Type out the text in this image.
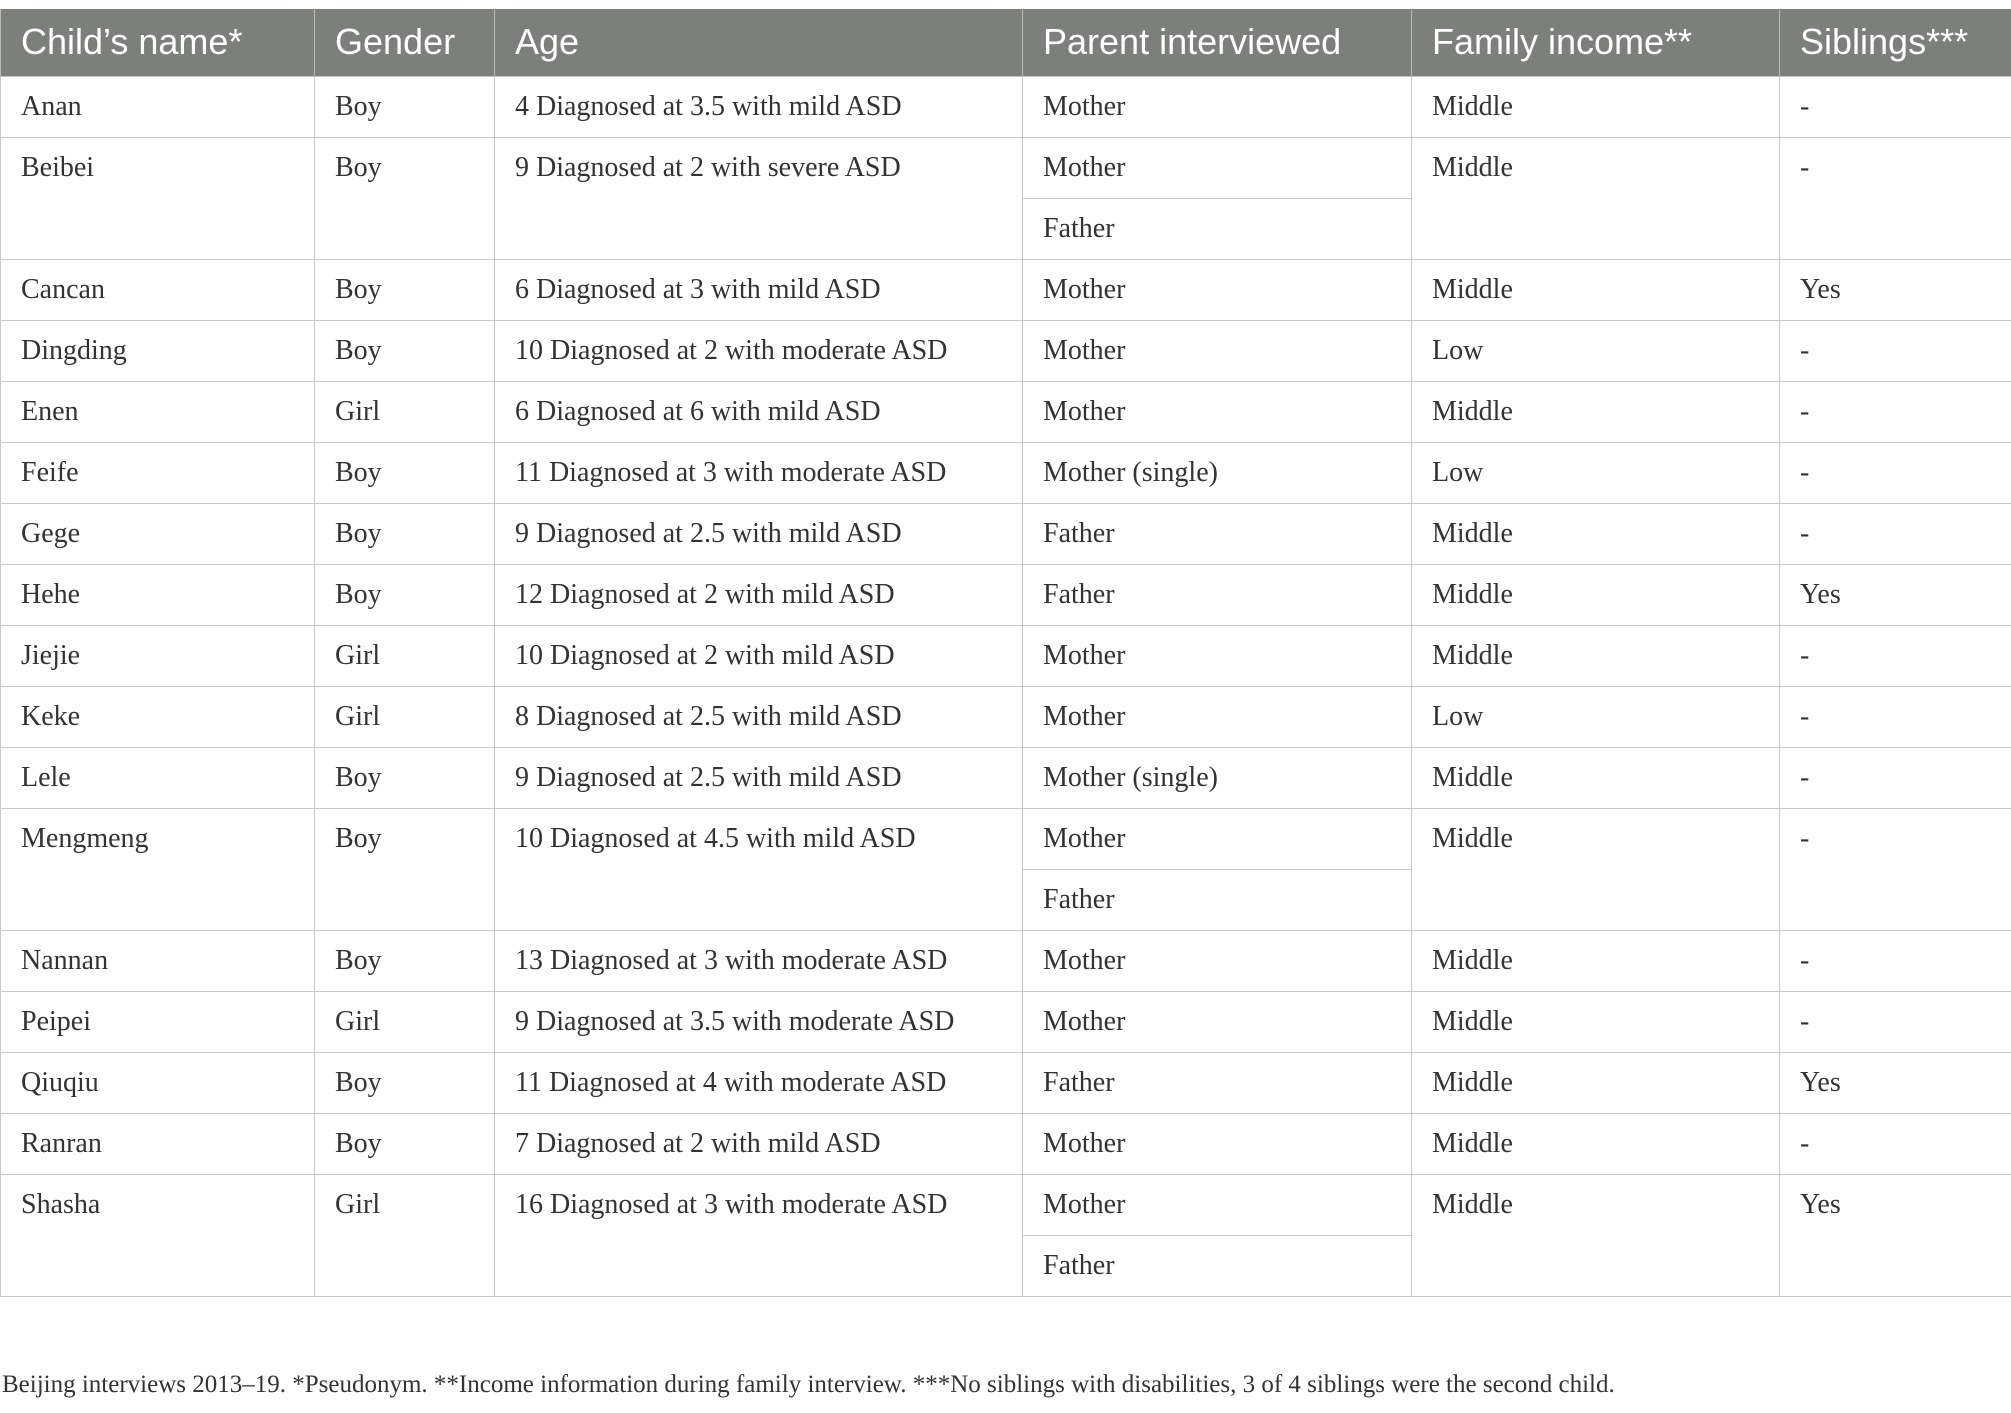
Child’s name*	Gender	Age	Parent interviewed	Family income**	Siblings***
Anan	Boy	4 Diagnosed at 3.5 with mild ASD	Mother	Middle	-
Beibei	Boy	9 Diagnosed at 2 with severe ASD	Mother	Middle	-
			Father		
Cancan	Boy	6 Diagnosed at 3 with mild ASD	Mother	Middle	Yes
Dingding	Boy	10 Diagnosed at 2 with moderate ASD	Mother	Low	-
Enen	Girl	6 Diagnosed at 6 with mild ASD	Mother	Middle	-
Feife	Boy	11 Diagnosed at 3 with moderate ASD	Mother (single)	Low	-
Gege	Boy	9 Diagnosed at 2.5 with mild ASD	Father	Middle	-
Hehe	Boy	12 Diagnosed at 2 with mild ASD	Father	Middle	Yes
Jiejie	Girl	10 Diagnosed at 2 with mild ASD	Mother	Middle	-
Keke	Girl	8 Diagnosed at 2.5 with mild ASD	Mother	Low	-
Lele	Boy	9 Diagnosed at 2.5 with mild ASD	Mother (single)	Middle	-
Mengmeng	Boy	10 Diagnosed at 4.5 with mild ASD	Mother	Middle	-
			Father		
Nannan	Boy	13 Diagnosed at 3 with moderate ASD	Mother	Middle	-
Peipei	Girl	9 Diagnosed at 3.5 with moderate ASD	Mother	Middle	-
Qiuqiu	Boy	11 Diagnosed at 4 with moderate ASD	Father	Middle	Yes
Ranran	Boy	7 Diagnosed at 2 with mild ASD	Mother	Middle	-
Shasha	Girl	16 Diagnosed at 3 with moderate ASD	Mother	Middle	Yes
			Father		
Beijing interviews 2013–19. *Pseudonym. **Income information during family interview. ***No siblings with disabilities, 3 of 4 siblings were the second child.
